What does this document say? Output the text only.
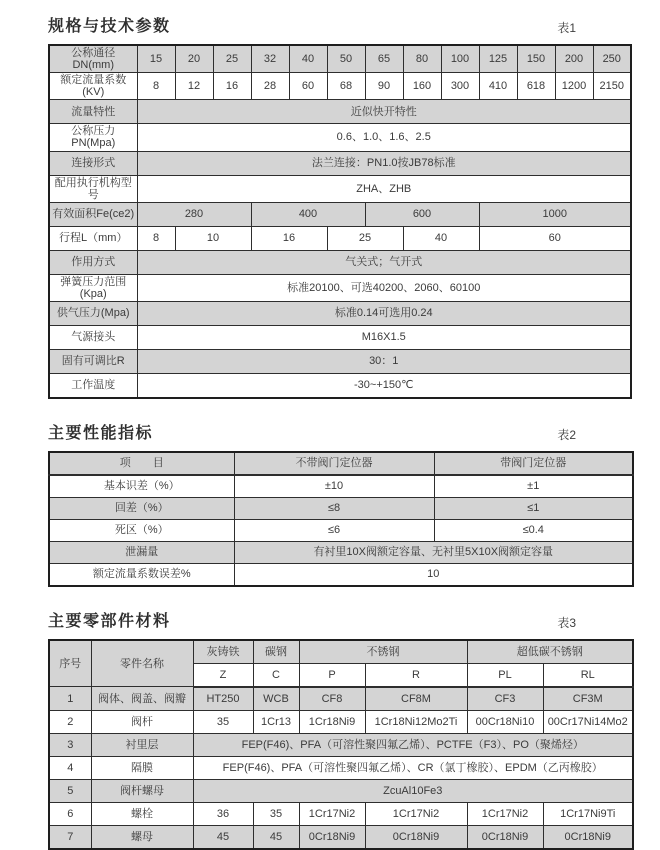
规格与技术参数	表1
公称通径DN(mm)	15	20	25	32	40	50	65	80	100	125	150	200	250
额定流量系数(KV)	8	12	16	28	60	68	90	160	300	410	618	1200	2150
流量特性	近似快开特性												
公称压力PN(Mpa)	0.6、1.0、1.6、2.5												
连接形式	法兰连接：PN1.0按JB78标准												
配用执行机构型号	ZHA、ZHB												
有效面积Fe(ce2)	280			400			600			1000			
行程L（mm）	8	10		16		25		40		60			
作用方式	气关式；气开式												
弹簧压力范围(Kpa)	标准20100、可选40200、2060、60100												
供气压力(Mpa)	标准0.14可选用0.24												
气源接头	M16X1.5												
固有可调比R	30：1												
工作温度	-30~+150℃												
主要性能指标	表2
项　　目	不带阀门定位器	带阀门定位器
基本识差（%）	±10	±1
回差（%）	≤8	≤1
死区（%）	≤6	≤0.4
泄漏量	有衬里10X阀额定容量、无衬里5X10X阀额定容量	
额定流量系数误差%	10	
主要零部件材料	表3
序号	零件名称	灰铸铁	碳钢	不锈钢		超低碳不锈钢	
		Z	C	P	R	PL	RL
1	阀体、阀盖、阀瓣	HT250	WCB	CF8	CF8M	CF3	CF3M
2	阀杆	35	1Cr13	1Cr18Ni9	1Cr18Ni12Mo2Ti	00Cr18Ni10	00Cr17Ni14Mo2
3	衬里层	FEP(F46)、PFA（可溶性聚四氟乙烯）、PCTFE（F3）、PO（聚烯烃）					
4	隔膜	FEP(F46)、PFA（可溶性聚四氟乙烯）、CR（氯丁橡胶）、EPDM（乙丙橡胶）					
5	阀杆螺母	ZcuAl10Fe3					
6	螺栓	36	35	1Cr17Ni2	1Cr17Ni2	1Cr17Ni2	1Cr17Ni9Ti
7	螺母	45	45	0Cr18Ni9	0Cr18Ni9	0Cr18Ni9	0Cr18Ni9
